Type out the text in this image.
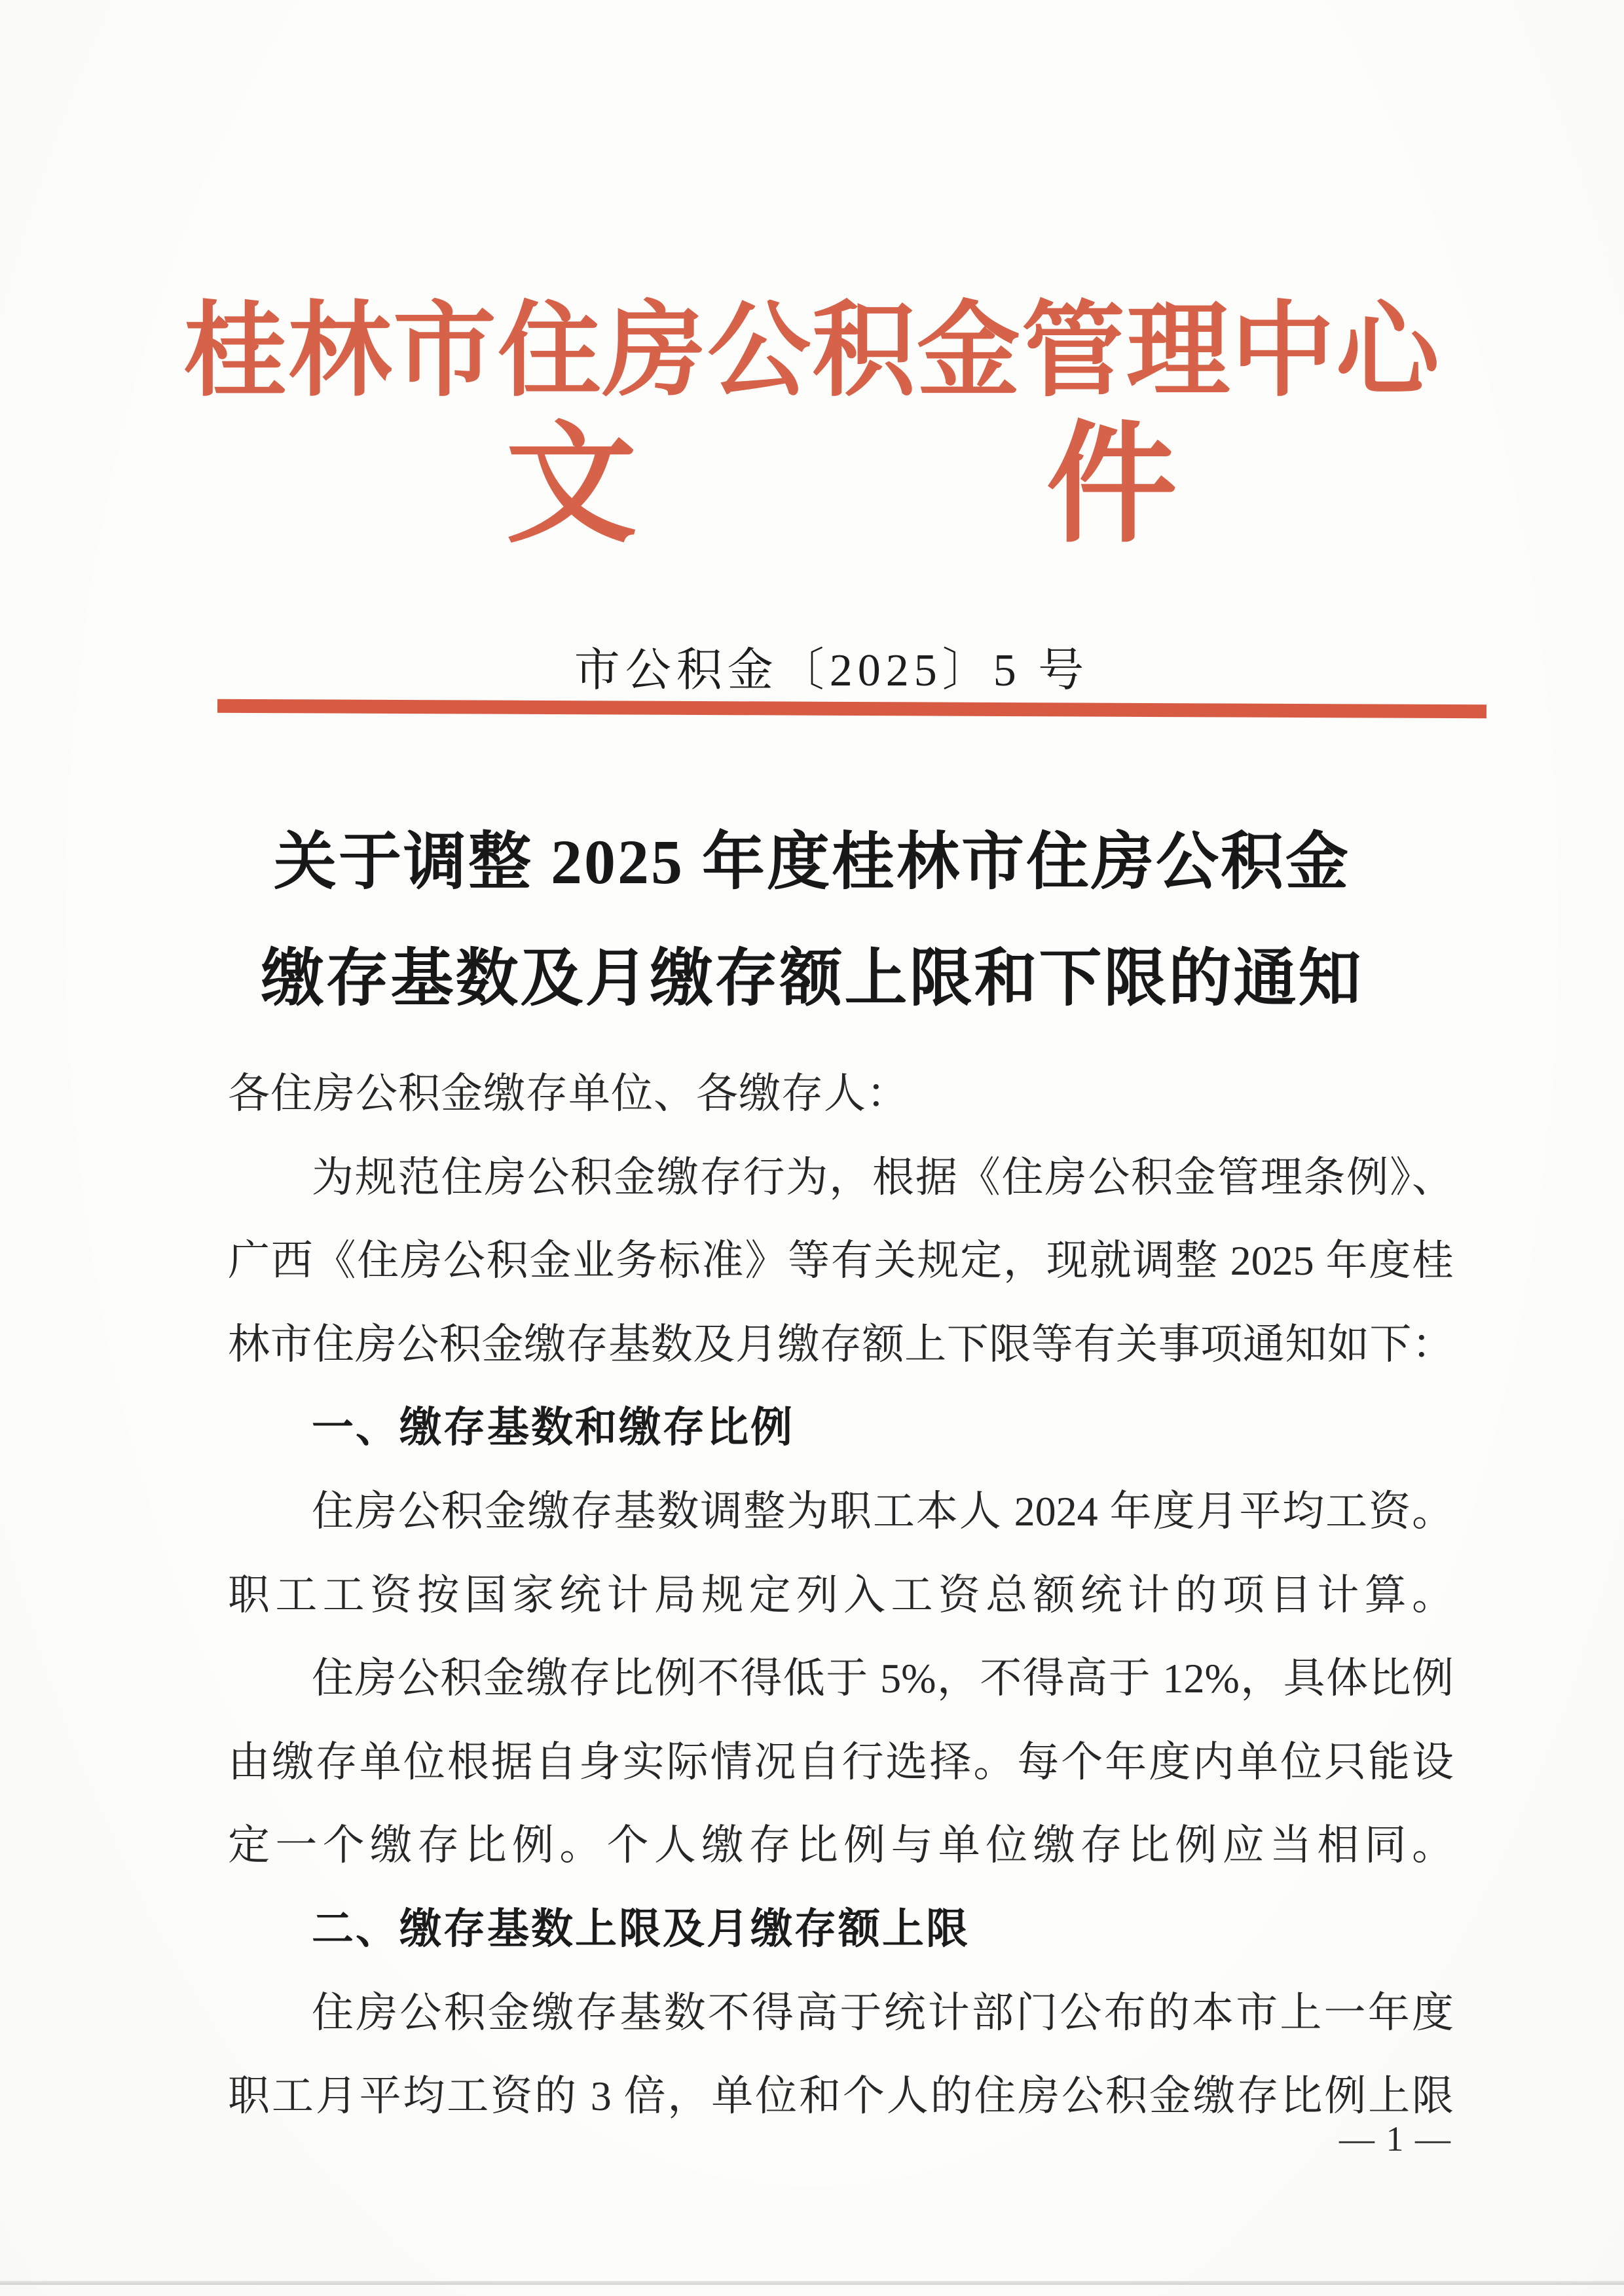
桂林市住房公积金管理中心
文	件
市公积金〔2025〕5 号
关于调整 2025 年度桂林市住房公积金
缴存基数及月缴存额上限和下限的通知
各住房公积金缴存单位、各缴存人：
为规范住房公积金缴存行为，根据《住房公积金管理条例》、
广西《住房公积金业务标准》等有关规定，现就调整 2025 年度桂
林市住房公积金缴存基数及月缴存额上下限等有关事项通知如下：
一、缴存基数和缴存比例
住房公积金缴存基数调整为职工本人 2024 年度月平均工资。
职工工资按国家统计局规定列入工资总额统计的项目计算。
住房公积金缴存比例不得低于 5%，不得高于 12%，具体比例
由缴存单位根据自身实际情况自行选择。每个年度内单位只能设
定一个缴存比例。个人缴存比例与单位缴存比例应当相同。
二、缴存基数上限及月缴存额上限
住房公积金缴存基数不得高于统计部门公布的本市上一年度
职工月平均工资的 3 倍，单位和个人的住房公积金缴存比例上限
— 1 —
